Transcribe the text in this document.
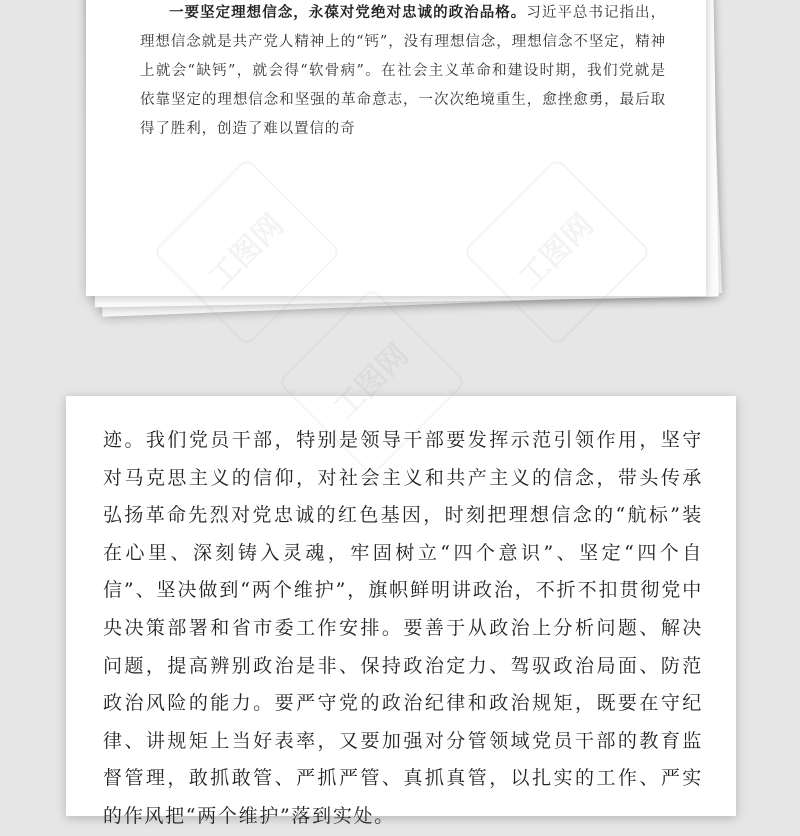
工图网	工图网
工图网

一要坚定理想信念，永葆对党绝对忠诚的政治品格。习近平总书记指出，理想信念就是共产党人精神上的“钙”，没有理想信念，理想信念不坚定，精神上就会“缺钙”，就会得“软骨病”。在社会主义革命和建设时期，我们党就是依靠坚定的理想信念和坚强的革命意志，一次次绝境重生，愈挫愈勇，最后取得了胜利，创造了难以置信的奇

迹。我们党员干部，特别是领导干部要发挥示范引领作用，坚守对马克思主义的信仰，对社会主义和共产主义的信念，带头传承弘扬革命先烈对党忠诚的红色基因，时刻把理想信念的“航标”装在心里、深刻铸入灵魂，牢固树立“四个意识”、坚定“四个自信”、坚决做到“两个维护”，旗帜鲜明讲政治，不折不扣贯彻党中央决策部署和省市委工作安排。要善于从政治上分析问题、解决问题，提高辨别政治是非、保持政治定力、驾驭政治局面、防范政治风险的能力。要严守党的政治纪律和政治规矩，既要在守纪律、讲规矩上当好表率，又要加强对分管领域党员干部的教育监督管理，敢抓敢管、严抓严管、真抓真管，以扎实的工作、严实的作风把“两个维护”落到实处。
